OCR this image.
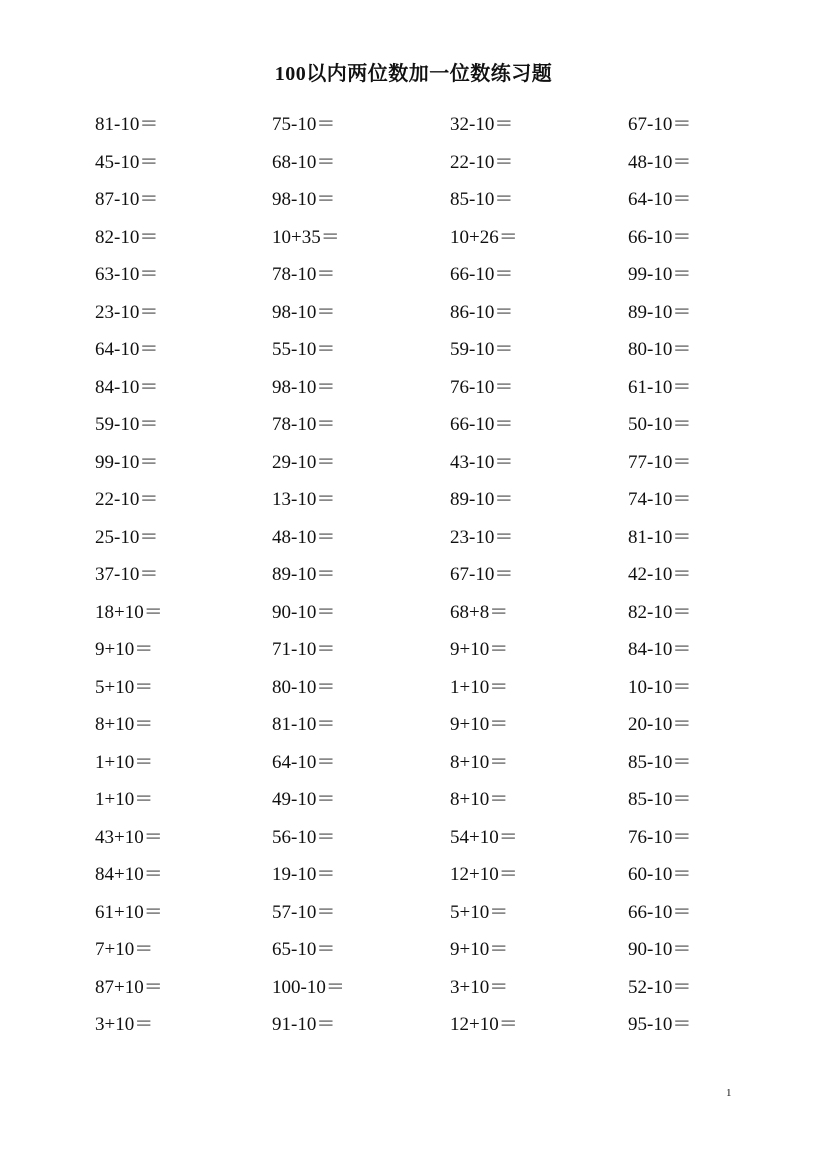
100以内两位数加一位数练习题
81-10＝	75-10＝	32-10＝	67-10＝
45-10＝	68-10＝	22-10＝	48-10＝
87-10＝	98-10＝	85-10＝	64-10＝
82-10＝	10+35＝	10+26＝	66-10＝
63-10＝	78-10＝	66-10＝	99-10＝
23-10＝	98-10＝	86-10＝	89-10＝
64-10＝	55-10＝	59-10＝	80-10＝
84-10＝	98-10＝	76-10＝	61-10＝
59-10＝	78-10＝	66-10＝	50-10＝
99-10＝	29-10＝	43-10＝	77-10＝
22-10＝	13-10＝	89-10＝	74-10＝
25-10＝	48-10＝	23-10＝	81-10＝
37-10＝	89-10＝	67-10＝	42-10＝
18+10＝	90-10＝	68+8＝	82-10＝
9+10＝	71-10＝	9+10＝	84-10＝
5+10＝	80-10＝	1+10＝	10-10＝
8+10＝	81-10＝	9+10＝	20-10＝
1+10＝	64-10＝	8+10＝	85-10＝
1+10＝	49-10＝	8+10＝	85-10＝
43+10＝	56-10＝	54+10＝	76-10＝
84+10＝	19-10＝	12+10＝	60-10＝
61+10＝	57-10＝	5+10＝	66-10＝
7+10＝	65-10＝	9+10＝	90-10＝
87+10＝	100-10＝	3+10＝	52-10＝
3+10＝	91-10＝	12+10＝	95-10＝
1
